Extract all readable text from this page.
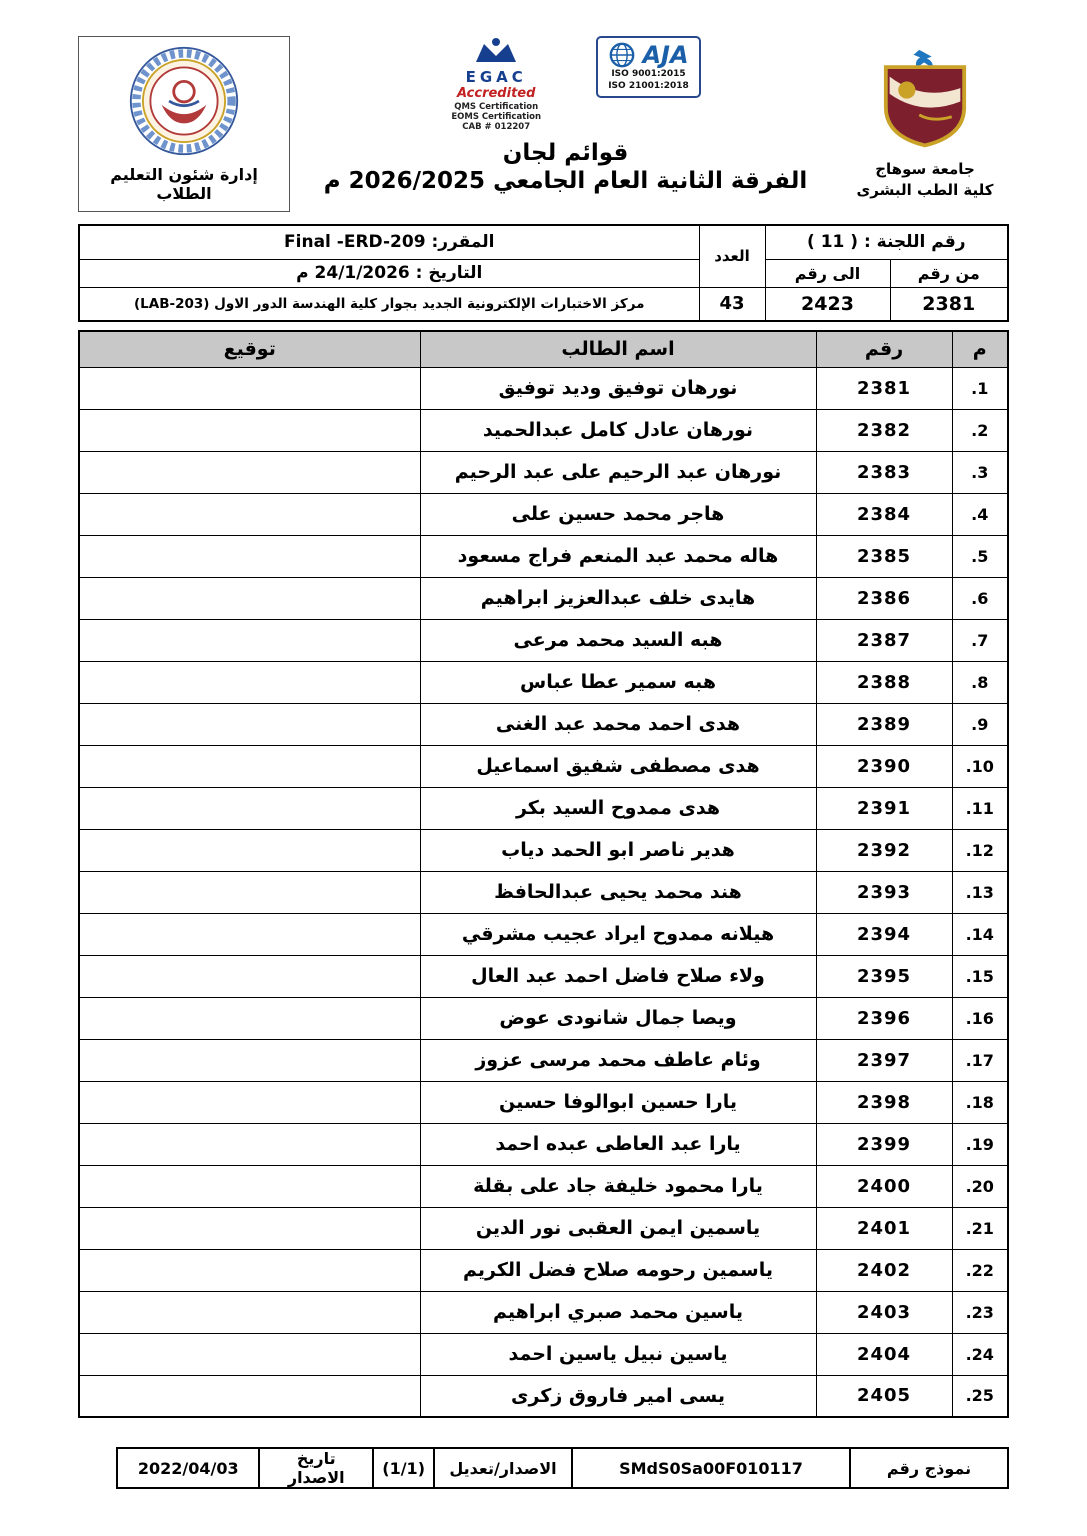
جامعة سوهاج
كلية الطب البشرى
EGAC
Accredited
QMS Certification
EOMS Certification
CAB # 012207
AJA
ISO 9001:2015
ISO 21001:2018
قوائم لجان
الفرقة الثانية العام الجامعي 2026/2025 م
إدارة شئون التعليم الطلاب
رقم اللجنة : ( 11 )		العدد	المقرر: Final -ERD-209
من رقم	الى رقم		التاريخ : 24/1/2026 م
2381	2423	43	مركز الاختبارات الإلكترونية الجديد بجوار كلية الهندسة الدور الاول (LAB-203)
م	رقم	اسم الطالب	توقيع
1.	2381	نورهان توفيق وديد توفيق	
2.	2382	نورهان عادل كامل عبدالحميد	
3.	2383	نورهان عبد الرحيم على عبد الرحيم	
4.	2384	هاجر محمد حسين على	
5.	2385	هاله محمد عبد المنعم فراج مسعود	
6.	2386	هايدى خلف عبدالعزيز ابراهيم	
7.	2387	هبه السيد محمد مرعى	
8.	2388	هبه سمير عطا عباس	
9.	2389	هدى احمد محمد عبد الغنى	
10.	2390	هدى مصطفى شفيق اسماعيل	
11.	2391	هدى ممدوح السيد بكر	
12.	2392	هدير ناصر ابو الحمد دياب	
13.	2393	هند محمد يحيى عبدالحافظ	
14.	2394	هيلانه ممدوح ايراد عجيب مشرقي	
15.	2395	ولاء صلاح فاضل احمد عبد العال	
16.	2396	ويصا جمال شانودى عوض	
17.	2397	وئام عاطف محمد مرسى عزوز	
18.	2398	يارا حسين ابوالوفا حسين	
19.	2399	يارا عبد العاطى عبده احمد	
20.	2400	يارا محمود خليفة جاد على بقلة	
21.	2401	ياسمين ايمن العقبى نور الدين	
22.	2402	ياسمين رحومه صلاح فضل الكريم	
23.	2403	ياسين محمد صبري ابراهيم	
24.	2404	ياسين نبيل ياسين احمد	
25.	2405	يسى امير فاروق زكرى	
نموذج رقم	SMdS0Sa00F010117	الاصدار/تعديل	(1/1)	تاريخ الاصدار	2022/04/03
